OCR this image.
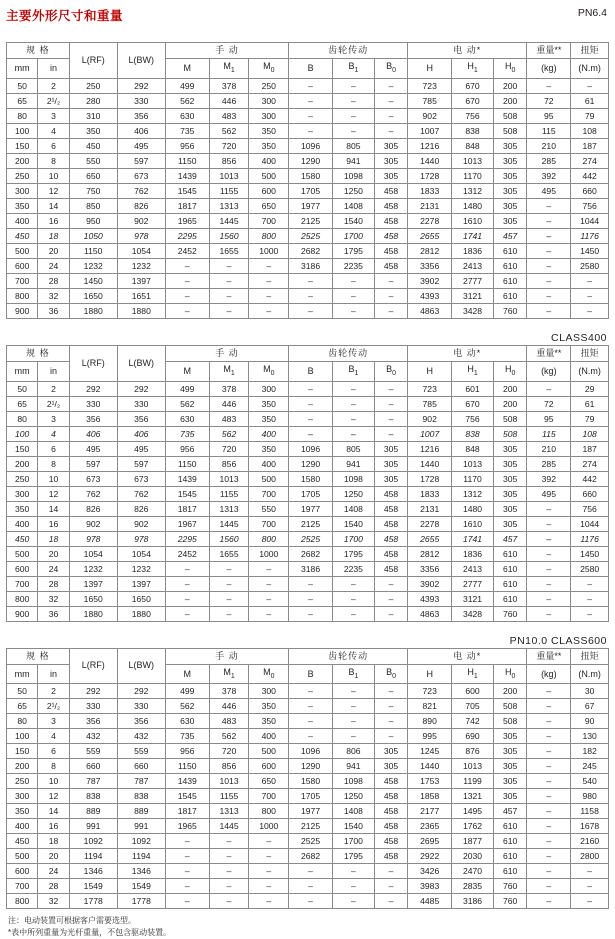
主要外形尺寸和重量	PN6.4

规 格		L(RF)	L(BW)	手 动			齿轮传动			电 动*			重量**	扭矩
mm	in			M	$M_1$	$M_0$	B	$B_1$	$B_0$	H	$H_1$	$H_0$	(kg)	(N.m)
50	2	250	292	499	378	250	–	–	–	723	670	200	–	–
65	2¹/₂	280	330	562	446	300	–	–	–	785	670	200	72	61
80	3	310	356	630	483	300	–	–	–	902	756	508	95	79
100	4	350	406	735	562	350	–	–	–	1007	838	508	115	108
150	6	450	495	956	720	350	1096	805	305	1216	848	305	210	187
200	8	550	597	1150	856	400	1290	941	305	1440	1013	305	285	274
250	10	650	673	1439	1013	500	1580	1098	305	1728	1170	305	392	442
300	12	750	762	1545	1155	600	1705	1250	458	1833	1312	305	495	660
350	14	850	826	1817	1313	650	1977	1408	458	2131	1480	305	–	756
400	16	950	902	1965	1445	700	2125	1540	458	2278	1610	305	–	1044
450	18	1050	978	2295	1560	800	2525	1700	458	2655	1741	457	–	1176
500	20	1150	1054	2452	1655	1000	2682	1795	458	2812	1836	610	–	1450
600	24	1232	1232	–	–	–	3186	2235	458	3356	2413	610	–	2580
700	28	1450	1397	–	–	–	–	–	–	3902	2777	610	–	–
800	32	1650	1651	–	–	–	–	–	–	4393	3121	610	–	–
900	36	1880	1880	–	–	–	–	–	–	4863	3428	760	–	–
CLASS400
规 格		L(RF)	L(BW)	手 动			齿轮传动			电 动*			重量**	扭矩
mm	in			M	$M_1$	$M_0$	B	$B_1$	$B_0$	H	$H_1$	$H_0$	(kg)	(N.m)
50	2	292	292	499	378	300	–	–	–	723	601	200	–	29
65	2¹/₂	330	330	562	446	350	–	–	–	785	670	200	72	61
80	3	356	356	630	483	350	–	–	–	902	756	508	95	79
100	4	406	406	735	562	400	–	–	–	1007	838	508	115	108
150	6	495	495	956	720	350	1096	805	305	1216	848	305	210	187
200	8	597	597	1150	856	400	1290	941	305	1440	1013	305	285	274
250	10	673	673	1439	1013	500	1580	1098	305	1728	1170	305	392	442
300	12	762	762	1545	1155	700	1705	1250	458	1833	1312	305	495	660
350	14	826	826	1817	1313	550	1977	1408	458	2131	1480	305	–	756
400	16	902	902	1967	1445	700	2125	1540	458	2278	1610	305	–	1044
450	18	978	978	2295	1560	800	2525	1700	458	2655	1741	457	–	1176
500	20	1054	1054	2452	1655	1000	2682	1795	458	2812	1836	610	–	1450
600	24	1232	1232	–	–	–	3186	2235	458	3356	2413	610	–	2580
700	28	1397	1397	–	–	–	–	–	–	3902	2777	610	–	–
800	32	1650	1650	–	–	–	–	–	–	4393	3121	610	–	–
900	36	1880	1880	–	–	–	–	–	–	4863	3428	760	–	–
PN10.0 CLASS600
规 格		L(RF)	L(BW)	手 动			齿轮传动			电 动*			重量**	扭矩
mm	in			M	$M_1$	$M_0$	B	$B_1$	$B_0$	H	$H_1$	$H_0$	(kg)	(N.m)
50	2	292	292	499	378	300	–	–	–	723	600	200	–	30
65	2¹/₂	330	330	562	446	350	–	–	–	821	705	508	–	67
80	3	356	356	630	483	350	–	–	–	890	742	508	–	90
100	4	432	432	735	562	400	–	–	–	995	690	305	–	130
150	6	559	559	956	720	500	1096	806	305	1245	876	305	–	182
200	8	660	660	1150	856	600	1290	941	305	1440	1013	305	–	245
250	10	787	787	1439	1013	650	1580	1098	458	1753	1199	305	–	540
300	12	838	838	1545	1155	700	1705	1250	458	1858	1321	305	–	980
350	14	889	889	1817	1313	800	1977	1408	458	2177	1495	457	–	1158
400	16	991	991	1965	1445	1000	2125	1540	458	2365	1762	610	–	1678
450	18	1092	1092	–	–	–	2525	1700	458	2695	1877	610	–	2160
500	20	1194	1194	–	–	–	2682	1795	458	2922	2030	610	–	2800
600	24	1346	1346	–	–	–	–	–	–	3426	2470	610	–	–
700	28	1549	1549	–	–	–	–	–	–	3983	2835	760	–	–
800	32	1778	1778	–	–	–	–	–	–	4485	3186	760	–	–
注：电动装置可根据客户需要选型。
*表中所列重量为光杆重量，不包含驱动装置。
